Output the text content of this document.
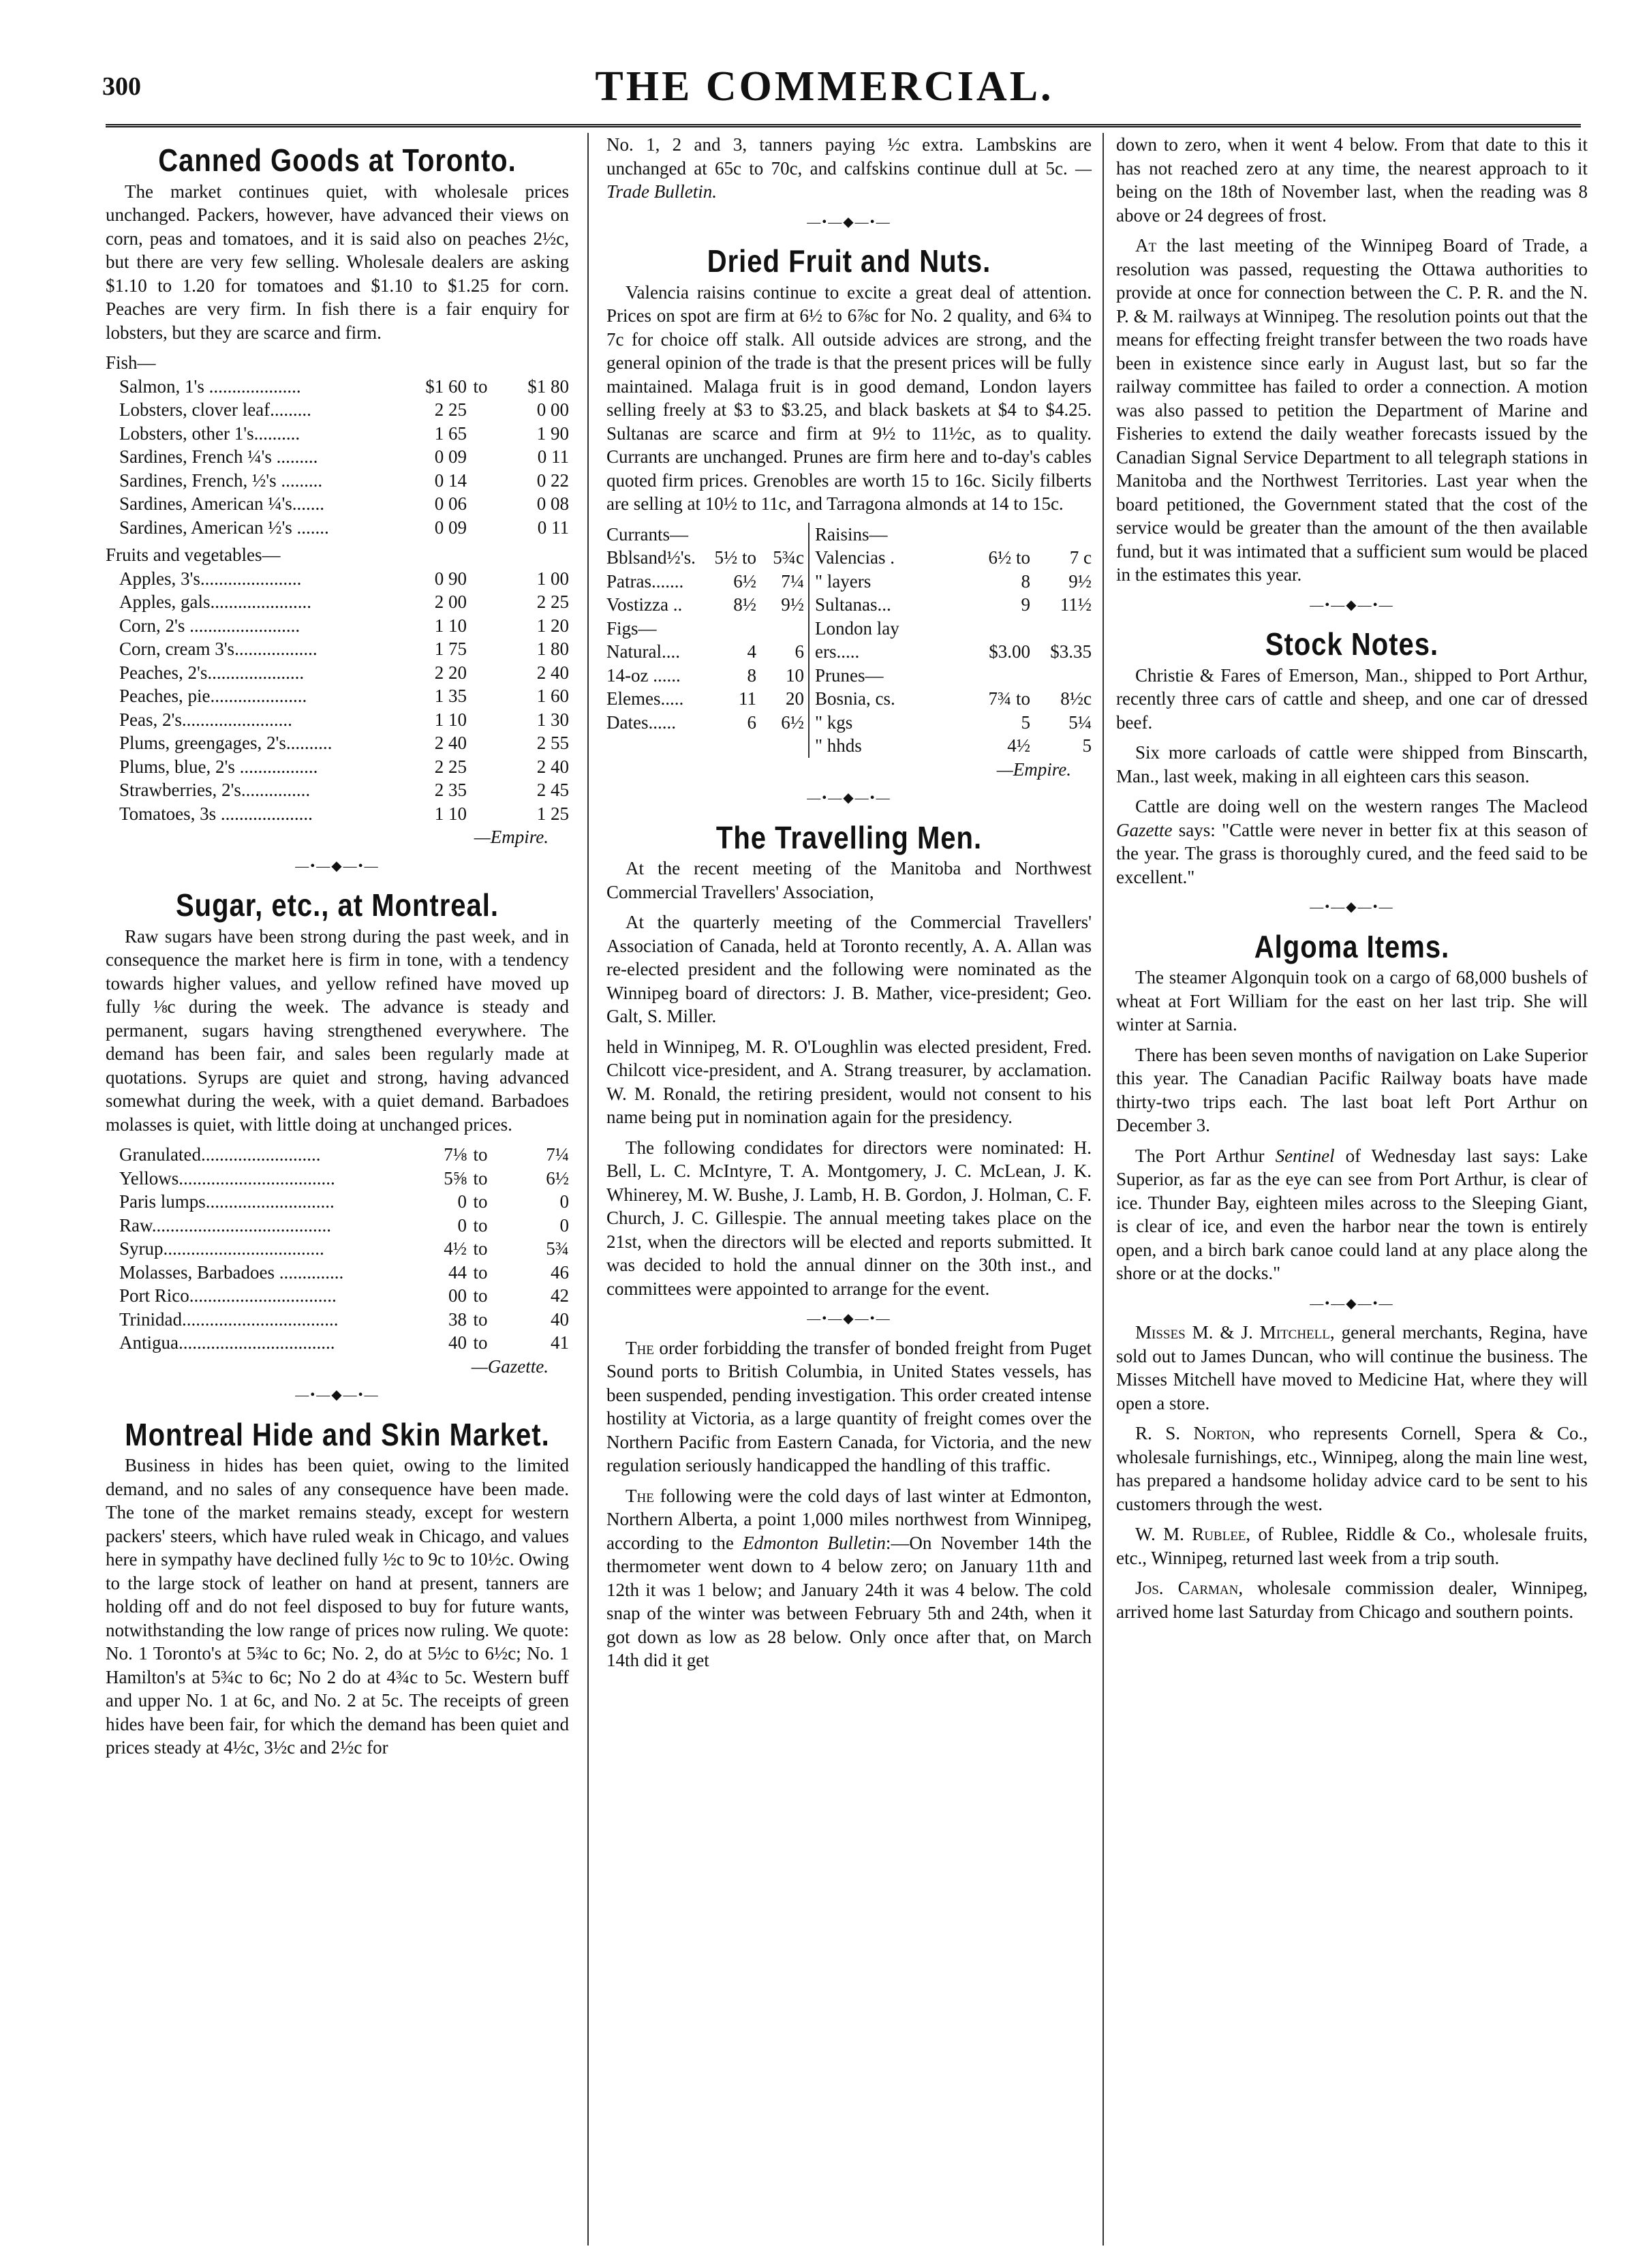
300	THE COMMERCIAL.
Canned Goods at Toronto.

The market continues quiet, with wholesale prices unchanged. Packers, however, have advanced their views on corn, peas and tomatoes, and it is said also on peaches 2½c, but there are very few selling. Wholesale dealers are asking $1.10 to 1.20 for tomatoes and $1.10 to $1.25 for corn. Peaches are very firm. In fish there is a fair enquiry for lobsters, but they are scarce and firm.

Fish—
Salmon, 1's ....................	$1 60	to	$1 80
Lobsters, clover leaf.........	2 25		0 00
Lobsters, other 1's..........	1 65		1 90
Sardines, French ¼'s .........	0 09		0 11
Sardines, French, ½'s .........	0 14		0 22
Sardines, American ¼'s.......	0 06		0 08
Sardines, American ½'s .......	0 09		0 11
Fruits and vegetables—
Apples, 3's......................	0 90		1 00
Apples, gals......................	2 00		2 25
Corn, 2's ........................	1 10		1 20
Corn, cream 3's..................	1 75		1 80
Peaches, 2's.....................	2 20		2 40
Peaches, pie.....................	1 35		1 60
Peas, 2's........................	1 10		1 30
Plums, greengages, 2's..........	2 40		2 55
Plums, blue, 2's .................	2 25		2 40
Strawberries, 2's...............	2 35		2 45
Tomatoes, 3s ....................	1 10		1 25
—Empire.
—•—◆—•—
Sugar, etc., at Montreal.

Raw sugars have been strong during the past week, and in consequence the market here is firm in tone, with a tendency towards higher values, and yellow refined have moved up fully ⅛c during the week. The advance is steady and permanent, sugars having strengthened everywhere. The demand has been fair, and sales been regularly made at quotations. Syrups are quiet and strong, having advanced somewhat during the week, with a quiet demand. Barbadoes molasses is quiet, with little doing at unchanged prices.

Granulated..........................	7⅛	to	7¼
Yellows..................................	5⅝	to	6½
Paris lumps............................	0	to	0
Raw.......................................	0	to	0
Syrup...................................	4½	to	5¾
Molasses, Barbadoes ..............	44	to	46
Port Rico................................	00	to	42
Trinidad..................................	38	to	40
Antigua..................................	40	to	41
—Gazette.
—•—◆—•—
Montreal Hide and Skin Market.

Business in hides has been quiet, owing to the limited demand, and no sales of any consequence have been made. The tone of the market remains steady, except for western packers' steers, which have ruled weak in Chicago, and values here in sympathy have declined fully ½c to 9c to 10½c. Owing to the large stock of leather on hand at present, tanners are holding off and do not feel disposed to buy for future wants, notwithstanding the low range of prices now ruling. We quote: No. 1 Toronto's at 5¾c to 6c; No. 2, do at 5½c to 6½c; No. 1 Hamilton's at 5¾c to 6c; No 2 do at 4¾c to 5c. Western buff and upper No. 1 at 6c, and No. 2 at 5c. The receipts of green hides have been fair, for which the demand has been quiet and prices steady at 4½c, 3½c and 2½c for

No. 1, 2 and 3, tanners paying ½c extra. Lambskins are unchanged at 65c to 70c, and calfskins continue dull at 5c. —Trade Bulletin.

—•—◆—•—
Dried Fruit and Nuts.

Valencia raisins continue to excite a great deal of attention. Prices on spot are firm at 6½ to 6⅞c for No. 2 quality, and 6¾ to 7c for choice off stalk. All outside advices are strong, and the general opinion of the trade is that the present prices will be fully maintained. Malaga fruit is in good demand, London layers selling freely at $3 to $3.25, and black baskets at $4 to $4.25. Sultanas are scarce and firm at 9½ to 11½c, as to quality. Currants are unchanged. Prunes are firm here and to-day's cables quoted firm prices. Grenobles are worth 15 to 16c. Sicily filberts are selling at 10½ to 11c, and Tarragona almonds at 14 to 15c.

Currants—
Bblsand½'s.	5½ to 5¾c
Patras.......	6½	7¼
Vostizza ..	8½	9½
Figs—
Natural....	4	6
14-oz ......	8	10
Elemes.....	11	20
Dates......	6	6½
Raisins—
Valencias .	6½ to	7 c
" layers	8	9½
Sultanas...	9	11½
London lay
ers.....	$3.00	$3.35
Prunes—
Bosnia, cs.	7¾ to	8½c
" kgs	5	5¼
" hhds	4½	5
—Empire.
—•—◆—•—
The Travelling Men.

At the recent meeting of the Manitoba and Northwest Commercial Travellers' Association,

At the quarterly meeting of the Commercial Travellers' Association of Canada, held at Toronto recently, A. A. Allan was re-elected president and the following were nominated as the Winnipeg board of directors: J. B. Mather, vice-president; Geo. Galt, S. Miller.

held in Winnipeg, M. R. O'Loughlin was elected president, Fred. Chilcott vice-president, and A. Strang treasurer, by acclamation. W. M. Ronald, the retiring president, would not consent to his name being put in nomination again for the presidency.

The following condidates for directors were nominated: H. Bell, L. C. McIntyre, T. A. Montgomery, J. C. McLean, J. K. Whinerey, M. W. Bushe, J. Lamb, H. B. Gordon, J. Holman, C. F. Church, J. C. Gillespie. The annual meeting takes place on the 21st, when the directors will be elected and reports submitted. It was decided to hold the annual dinner on the 30th inst., and committees were appointed to arrange for the event.

—•—◆—•—

The order forbidding the transfer of bonded freight from Puget Sound ports to British Columbia, in United States vessels, has been suspended, pending investigation. This order created intense hostility at Victoria, as a large quantity of freight comes over the Northern Pacific from Eastern Canada, for Victoria, and the new regulation seriously handicapped the handling of this traffic.

The following were the cold days of last winter at Edmonton, Northern Alberta, a point 1,000 miles northwest from Winnipeg, according to the Edmonton Bulletin:—On November 14th the thermometer went down to 4 below zero; on January 11th and 12th it was 1 below; and January 24th it was 4 below. The cold snap of the winter was between February 5th and 24th, when it got down as low as 28 below. Only once after that, on March 14th did it get

down to zero, when it went 4 below. From that date to this it has not reached zero at any time, the nearest approach to it being on the 18th of November last, when the reading was 8 above or 24 degrees of frost.

At the last meeting of the Winnipeg Board of Trade, a resolution was passed, requesting the Ottawa authorities to provide at once for connection between the C. P. R. and the N. P. & M. railways at Winnipeg. The resolution points out that the means for effecting freight transfer between the two roads have been in existence since early in August last, but so far the railway committee has failed to order a connection. A motion was also passed to petition the Department of Marine and Fisheries to extend the daily weather forecasts issued by the Canadian Signal Service Department to all telegraph stations in Manitoba and the Northwest Territories. Last year when the board petitioned, the Government stated that the cost of the service would be greater than the amount of the then available fund, but it was intimated that a sufficient sum would be placed in the estimates this year.

—•—◆—•—
Stock Notes.

Christie & Fares of Emerson, Man., shipped to Port Arthur, recently three cars of cattle and sheep, and one car of dressed beef.

Six more carloads of cattle were shipped from Binscarth, Man., last week, making in all eighteen cars this season.

Cattle are doing well on the western ranges The Macleod Gazette says: "Cattle were never in better fix at this season of the year. The grass is thoroughly cured, and the feed said to be excellent."

—•—◆—•—
Algoma Items.

The steamer Algonquin took on a cargo of 68,000 bushels of wheat at Fort William for the east on her last trip. She will winter at Sarnia.

There has been seven months of navigation on Lake Superior this year. The Canadian Pacific Railway boats have made thirty-two trips each. The last boat left Port Arthur on December 3.

The Port Arthur Sentinel of Wednesday last says: Lake Superior, as far as the eye can see from Port Arthur, is clear of ice. Thunder Bay, eighteen miles across to the Sleeping Giant, is clear of ice, and even the harbor near the town is entirely open, and a birch bark canoe could land at any place along the shore or at the docks."

—•—◆—•—

Misses M. & J. Mitchell, general merchants, Regina, have sold out to James Duncan, who will continue the business. The Misses Mitchell have moved to Medicine Hat, where they will open a store.

R. S. Norton, who represents Cornell, Spera & Co., wholesale furnishings, etc., Winnipeg, along the main line west, has prepared a handsome holiday advice card to be sent to his customers through the west.

W. M. Rublee, of Rublee, Riddle & Co., wholesale fruits, etc., Winnipeg, returned last week from a trip south.

Jos. Carman, wholesale commission dealer, Winnipeg, arrived home last Saturday from Chicago and southern points.
